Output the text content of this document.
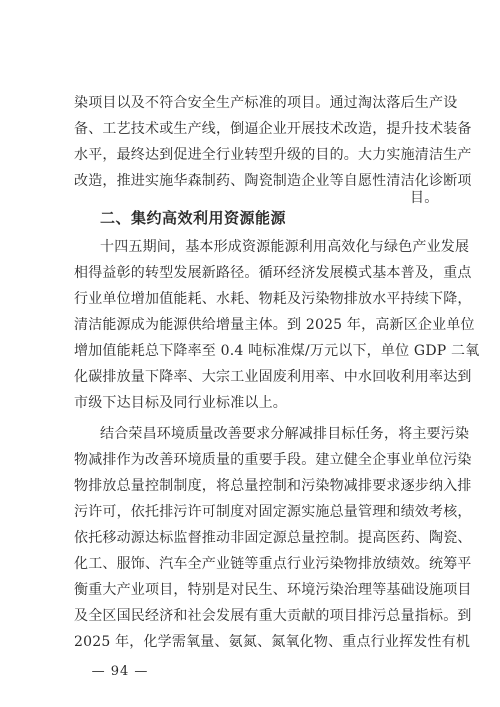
染项目以及不符合安全生产标准的项目。通过淘汰落后生产设
备、工艺技术或生产线，倒逼企业开展技术改造，提升技术装备
水平，最终达到促进全行业转型升级的目的。大力实施清洁生产
改造，推进实施华森制药、陶瓷制造企业等自愿性清洁化诊断项
目。
二、集约高效利用资源能源
十四五期间，基本形成资源能源利用高效化与绿色产业发展
相得益彰的转型发展新路径。循环经济发展模式基本普及，重点
行业单位增加值能耗、水耗、物耗及污染物排放水平持续下降，
清洁能源成为能源供给增量主体。到 2025 年，高新区企业单位
增加值能耗总下降率至 0.4 吨标准煤/万元以下，单位 GDP 二氧
化碳排放量下降率、大宗工业固废利用率、中水回收利用率达到
市级下达目标及同行业标准以上。
结合荣昌环境质量改善要求分解减排目标任务，将主要污染
物减排作为改善环境质量的重要手段。建立健全企事业单位污染
物排放总量控制制度，将总量控制和污染物减排要求逐步纳入排
污许可，依托排污许可制度对固定源实施总量管理和绩效考核，
依托移动源达标监督推动非固定源总量控制。提高医药、陶瓷、
化工、服饰、汽车全产业链等重点行业污染物排放绩效。统筹平
衡重大产业项目，特别是对民生、环境污染治理等基础设施项目
及全区国民经济和社会发展有重大贡献的项目排污总量指标。到
2025 年，化学需氧量、氨氮、氮氧化物、重点行业挥发性有机
— 94 —
